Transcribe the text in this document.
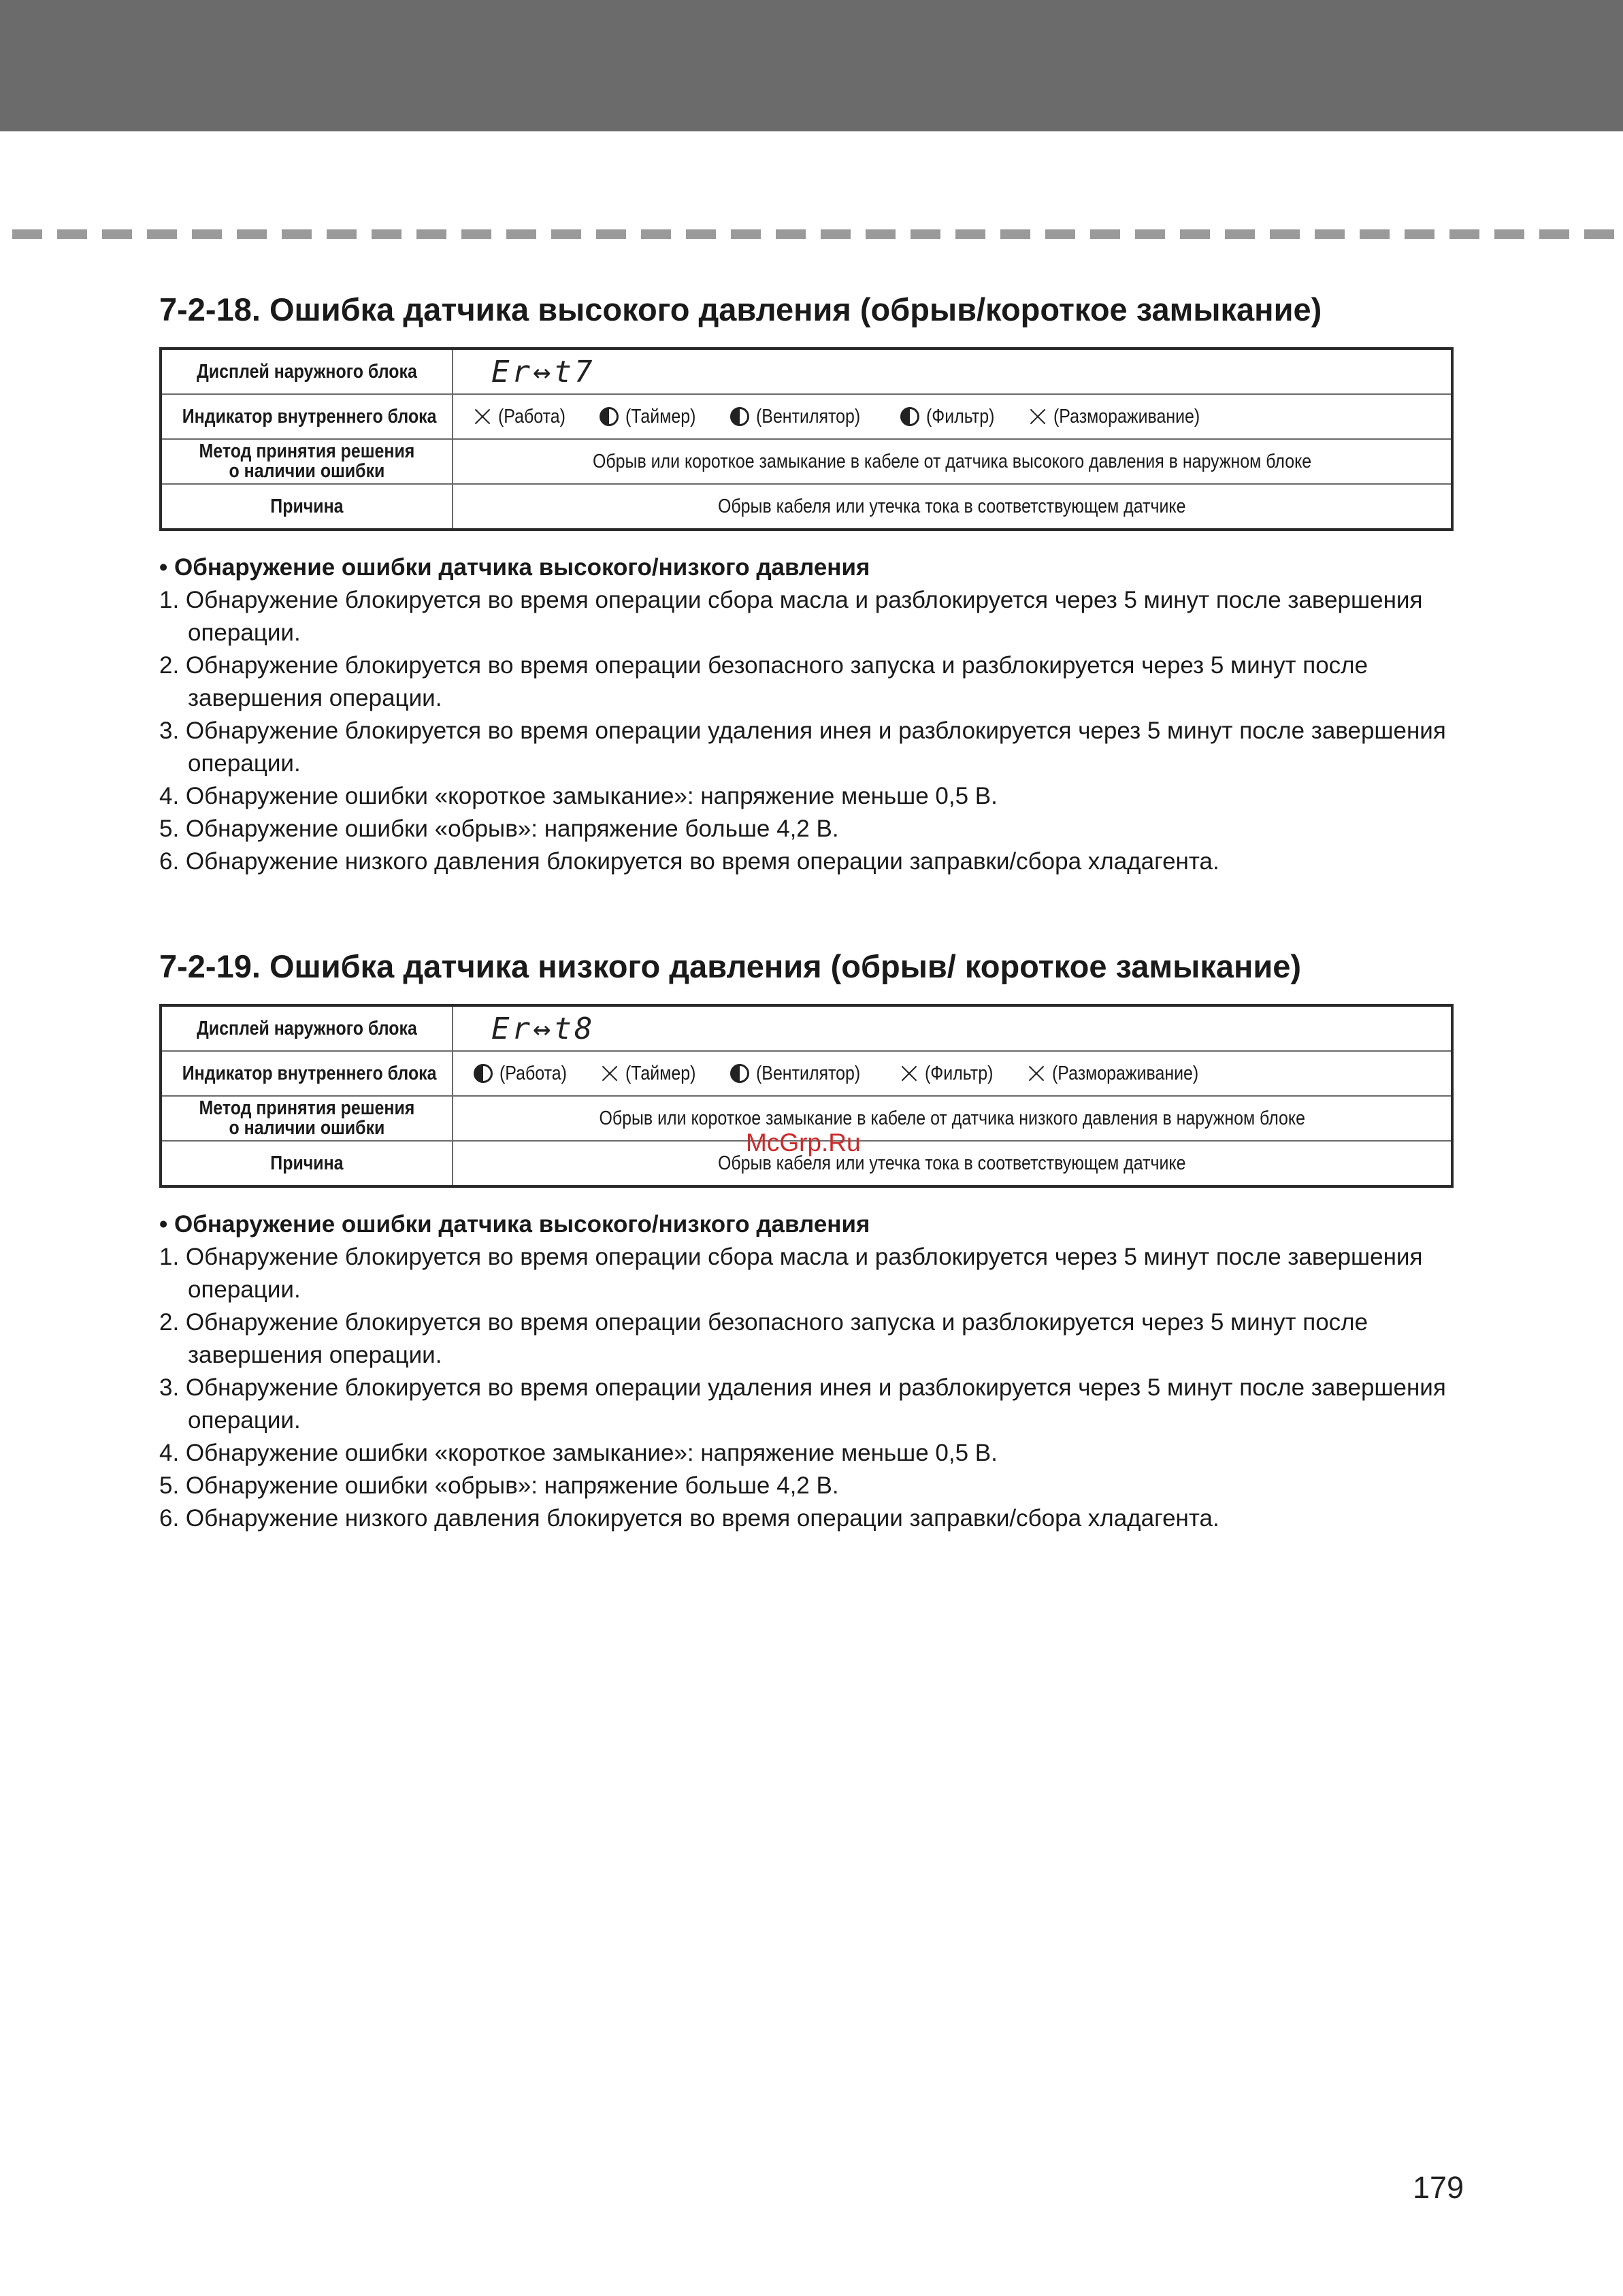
7-2-18. Ошибка датчика высокого давления (обрыв/короткое замыкание)
Дисплей наружного блока	Er↔t7
Индикатор внутреннего блока	(Работа) (Таймер) (Вентилятор) (Фильтр) (Размораживание)

Метод принятия решения
о наличии ошибки	Обрыв или короткое замыкание в кабеле от датчика высокого давления в наружном блоке
Причина	Обрыв кабеля или утечка тока в соответствующем датчике
• Обнаружение ошибки датчика высокого/низкого давления
1. Обнаружение блокируется во время операции сбора масла и разблокируется через 5 минут после завершения операции.
2. Обнаружение блокируется во время операции безопасного запуска и разблокируется через 5 минут после завершения операции.
3. Обнаружение блокируется во время операции удаления инея и разблокируется через 5 минут после завершения операции.
4. Обнаружение ошибки «короткое замыкание»: напряжение меньше 0,5 В.
5. Обнаружение ошибки «обрыв»: напряжение больше 4,2 В.
6. Обнаружение низкого давления блокируется во время операции заправки/сбора хладагента.
7-2-19. Ошибка датчика низкого давления (обрыв/ короткое замыкание)
Дисплей наружного блока	Er↔t8
Индикатор внутреннего блока	(Работа) (Таймер) (Вентилятор) (Фильтр) (Размораживание)

Метод принятия решения
о наличии ошибки	Обрыв или короткое замыкание в кабеле от датчика низкого давления в наружном блоке
Причина	Обрыв кабеля или утечка тока в соответствующем датчике
• Обнаружение ошибки датчика высокого/низкого давления
1. Обнаружение блокируется во время операции сбора масла и разблокируется через 5 минут после завершения операции.
2. Обнаружение блокируется во время операции безопасного запуска и разблокируется через 5 минут после завершения операции.
3. Обнаружение блокируется во время операции удаления инея и разблокируется через 5 минут после завершения операции.
4. Обнаружение ошибки «короткое замыкание»: напряжение меньше 0,5 В.
5. Обнаружение ошибки «обрыв»: напряжение больше 4,2 В.
6. Обнаружение низкого давления блокируется во время операции заправки/сбора хладагента.
McGrp.Ru
179
